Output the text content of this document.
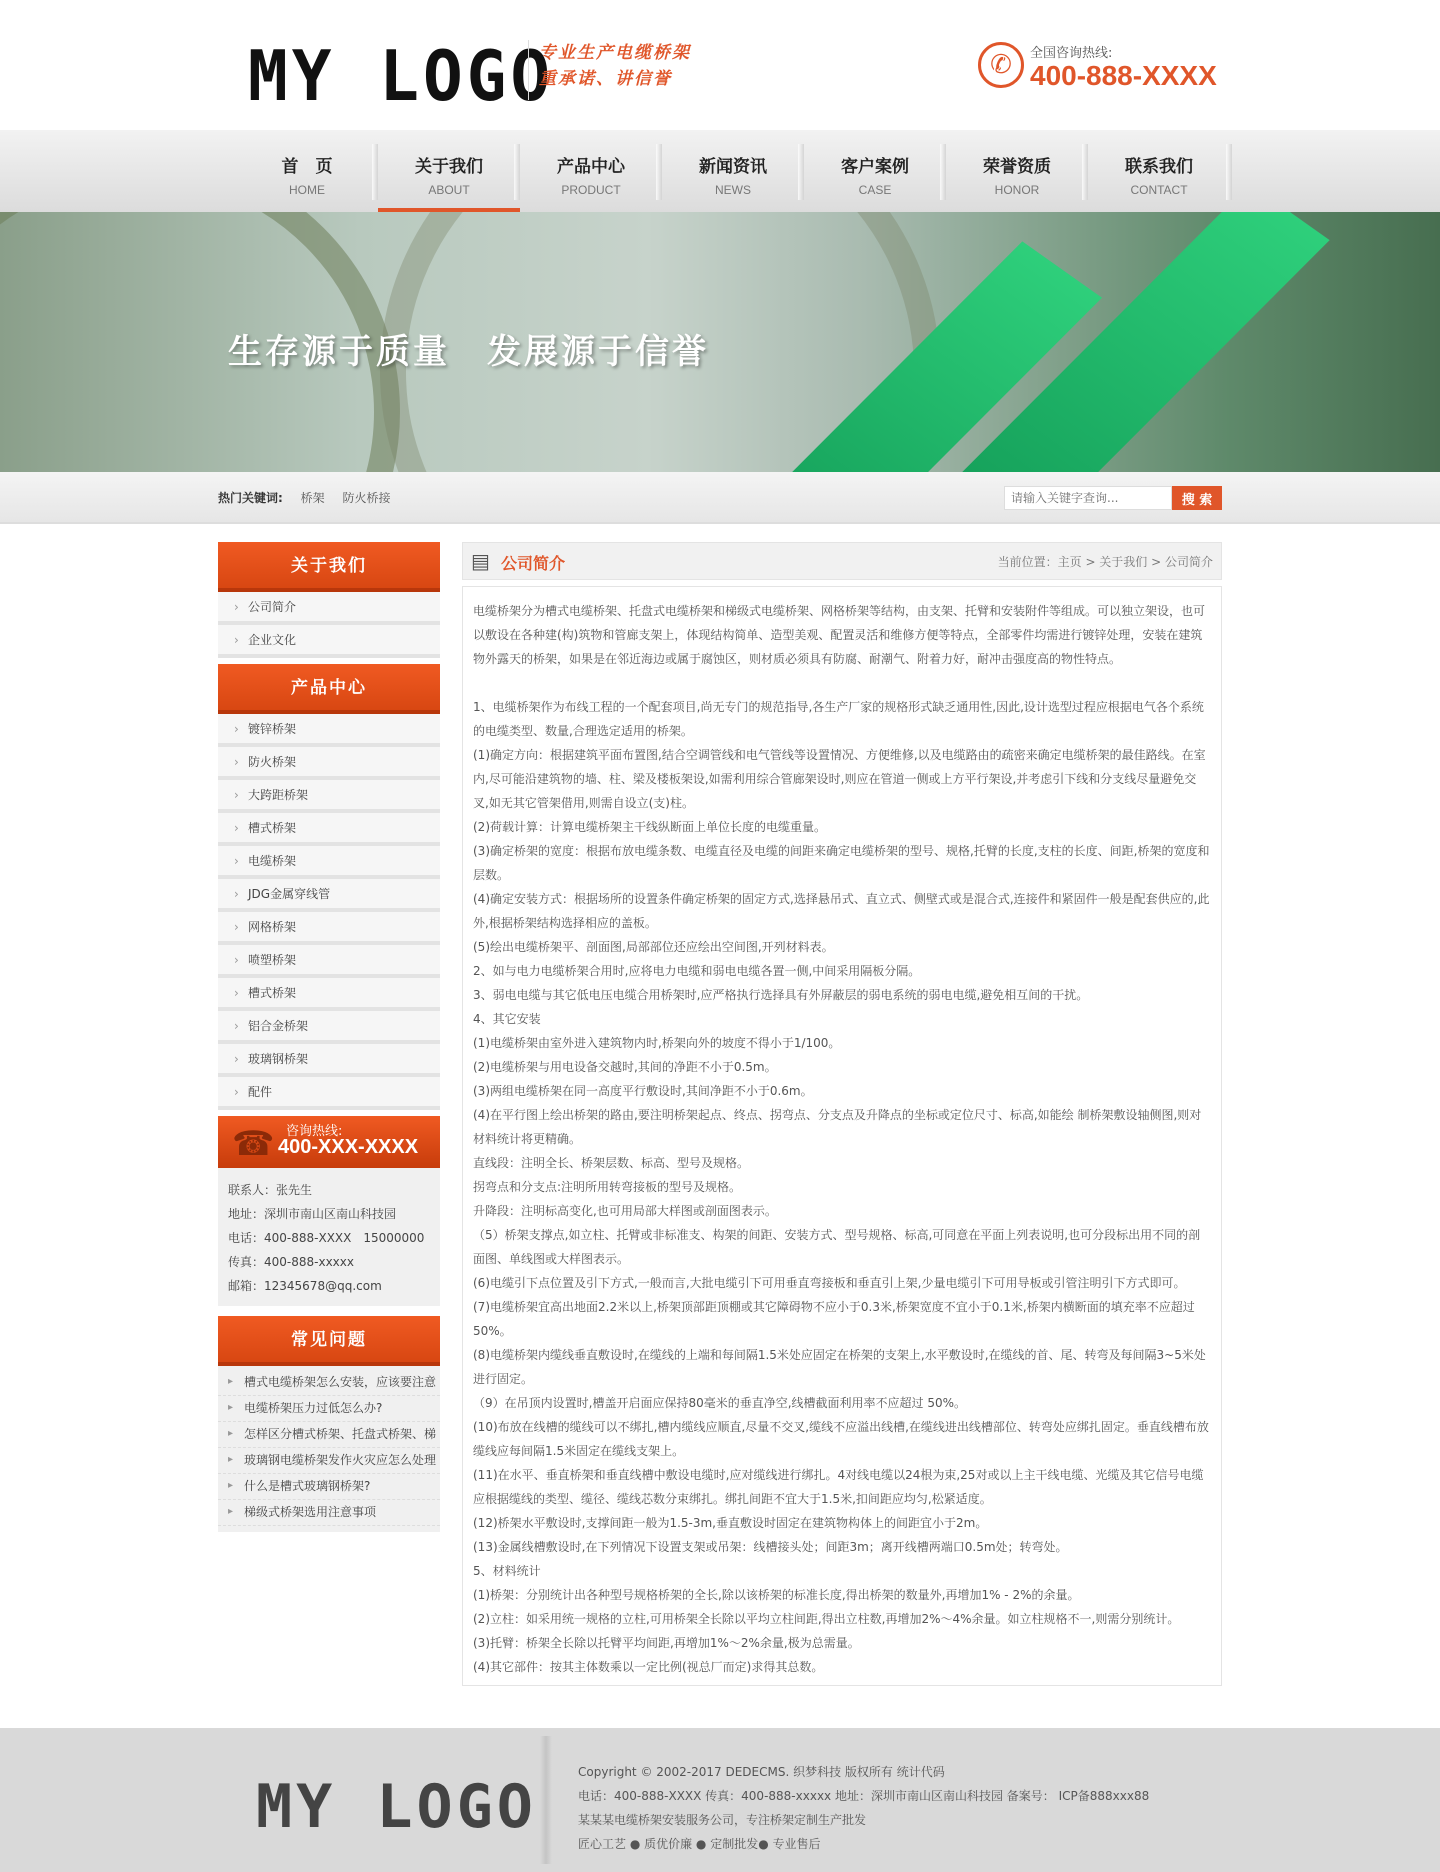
MY LOGO
专业生产电缆桥架
重承诺、讲信誉	✆	全国咨询热线:
400-888-XXXX
首　页
HOME
关于我们
ABOUT
产品中心
PRODUCT
新闻资讯
NEWS
客户案例
CASE
荣誉资质
HONOR
联系我们
CONTACT
生存源于质量　发展源于信誉
热门关键词: 桥架 防火桥接
请输入关键字查询...	搜 索
关于我们
› 公司简介
› 企业文化
产品中心
› 镀锌桥架
› 防火桥架
› 大跨距桥架
› 槽式桥架
› 电缆桥架
› JDG金属穿线管
› 网格桥架
› 喷塑桥架
› 槽式桥架
› 铝合金桥架
› 玻璃钢桥架
› 配件
☎ 咨询热线:
400-XXX-XXXX
联系人：张先生
地址：深圳市南山区南山科技园
电话：400-888-XXXX　15000000
传真：400-888-xxxxx
邮箱：12345678@qq.com
常见问题
▸ 槽式电缆桥架怎么安装，应该要注意
▸ 电缆桥架压力过低怎么办?
▸ 怎样区分槽式桥架、托盘式桥架、梯
▸ 玻璃钢电缆桥架发作火灾应怎么处理
▸ 什么是槽式玻璃钢桥架?
▸ 梯级式桥架选用注意事项
▤ 公司简介	当前位置：主页 > 关于我们 > 公司简介

电缆桥架分为槽式电缆桥架、托盘式电缆桥架和梯级式电缆桥架、网格桥架等结构，由支架、托臂和安装附件等组成。可以独立架设，也可以敷设在各种建(构)筑物和管廊支架上，体现结构简单、造型美观、配置灵活和维修方便等特点，全部零件均需进行镀锌处理，安装在建筑物外露天的桥架，如果是在邻近海边或属于腐蚀区，则材质必须具有防腐、耐潮气、附着力好，耐冲击强度高的物性特点。

1、电缆桥架作为布线工程的一个配套项目,尚无专门的规范指导,各生产厂家的规格形式缺乏通用性,因此,设计选型过程应根据电气各个系统的电缆类型、数量,合理选定适用的桥架。

(1)确定方向：根据建筑平面布置图,结合空调管线和电气管线等设置情况、方便维修,以及电缆路由的疏密来确定电缆桥架的最佳路线。在室内,尽可能沿建筑物的墙、柱、梁及楼板架设,如需利用综合管廊架设时,则应在管道一侧或上方平行架设,并考虑引下线和分支线尽量避免交叉,如无其它管架借用,则需自设立(支)柱。

(2)荷载计算：计算电缆桥架主干线纵断面上单位长度的电缆重量。

(3)确定桥架的宽度：根据布放电缆条数、电缆直径及电缆的间距来确定电缆桥架的型号、规格,托臂的长度,支柱的长度、间距,桥架的宽度和层数。

(4)确定安装方式：根据场所的设置条件确定桥架的固定方式,选择悬吊式、直立式、侧壁式或是混合式,连接件和紧固件一般是配套供应的,此外,根据桥架结构选择相应的盖板。

(5)绘出电缆桥架平、剖面图,局部部位还应绘出空间图,开列材料表。

2、如与电力电缆桥架合用时,应将电力电缆和弱电电缆各置一侧,中间采用隔板分隔。

3、弱电电缆与其它低电压电缆合用桥架时,应严格执行选择具有外屏蔽层的弱电系统的弱电电缆,避免相互间的干扰。

4、其它安装

(1)电缆桥架由室外进入建筑物内时,桥架向外的坡度不得小于1/100。

(2)电缆桥架与用电设备交越时,其间的净距不小于0.5m。

(3)两组电缆桥架在同一高度平行敷设时,其间净距不小于0.6m。

(4)在平行图上绘出桥架的路由,要注明桥架起点、终点、拐弯点、分支点及升降点的坐标或定位尺寸、标高,如能绘 制桥架敷设轴侧图,则对材料统计将更精确。

直线段：注明全长、桥架层数、标高、型号及规格。

拐弯点和分支点:注明所用转弯接板的型号及规格。

升降段：注明标高变化,也可用局部大样图或剖面图表示。

（5）桥架支撑点,如立柱、托臂或非标准支、构架的间距、安装方式、型号规格、标高,可同意在平面上列表说明,也可分段标出用不同的剖面图、单线图或大样图表示。

(6)电缆引下点位置及引下方式,一般而言,大批电缆引下可用垂直弯接板和垂直引上架,少量电缆引下可用导板或引管注明引下方式即可。

(7)电缆桥架宜高出地面2.2米以上,桥架顶部距顶棚或其它障碍物不应小于0.3米,桥架宽度不宜小于0.1米,桥架内横断面的填充率不应超过50%。

(8)电缆桥架内缆线垂直敷设时,在缆线的上端和每间隔1.5米处应固定在桥架的支架上,水平敷设时,在缆线的首、尾、转弯及每间隔3~5米处进行固定。

（9）在吊顶内设置时,槽盖开启面应保持80毫米的垂直净空,线槽截面利用率不应超过 50%。

(10)布放在线槽的缆线可以不绑扎,槽内缆线应顺直,尽量不交叉,缆线不应溢出线槽,在缆线进出线槽部位、转弯处应绑扎固定。垂直线槽布放缆线应每间隔1.5米固定在缆线支架上。

(11)在水平、垂直桥架和垂直线槽中敷设电缆时,应对缆线进行绑扎。4对线电缆以24根为束,25对或以上主干线电缆、光缆及其它信号电缆应根据缆线的类型、缆径、缆线芯数分束绑扎。绑扎间距不宜大于1.5米,扣间距应均匀,松紧适度。

(12)桥架水平敷设时,支撑间距一般为1.5-3m,垂直敷设时固定在建筑物构体上的间距宜小于2m。

(13)金属线槽敷设时,在下列情况下设置支架或吊架：线槽接头处；间距3m；离开线槽两端口0.5m处；转弯处。

5、材料统计

(1)桥架：分别统计出各种型号规格桥架的全长,除以该桥架的标准长度,得出桥架的数量外,再增加1% - 2%的余量。

(2)立柱：如采用统一规格的立柱,可用桥架全长除以平均立柱间距,得出立柱数,再增加2%～4%余量。如立柱规格不一,则需分别统计。

(3)托臂：桥架全长除以托臂平均间距,再增加1%～2%余量,极为总需量。

(4)其它部件：按其主体数乘以一定比例(视总厂而定)求得其总数。

MY LOGO	Copyright © 2002-2017 DEDECMS. 织梦科技 版权所有 统计代码
电话：400-888-XXXX 传真：400-888-xxxxx 地址：深圳市南山区南山科技园 备案号： ICP备888xxx88
某某某电缆桥架安装服务公司，专注桥架定制生产批发
匠心工艺 ● 质优价廉 ● 定制批发● 专业售后
